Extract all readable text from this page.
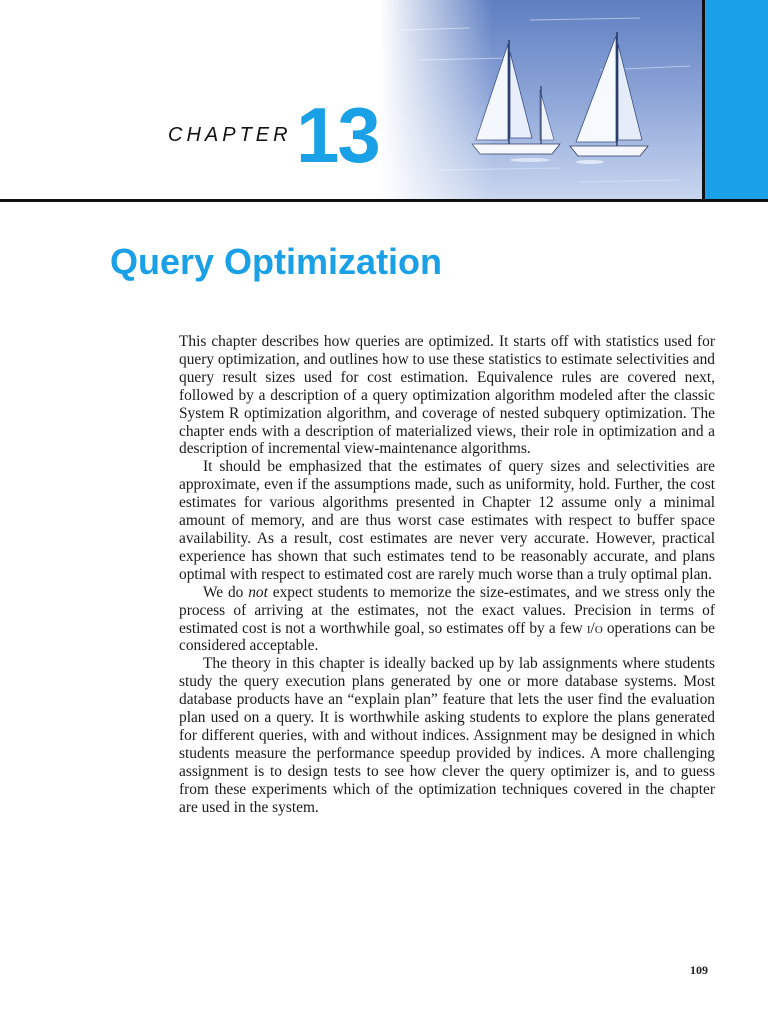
CHAPTER 13
Query Optimization

This chapter describes how queries are optimized. It starts off with statistics used for query optimization, and outlines how to use these statistics to estimate selectivities and query result sizes used for cost estimation. Equivalence rules are covered next, followed by a description of a query optimization algorithm modeled after the classic System R optimization algorithm, and coverage of nested subquery optimization. The chapter ends with a description of materialized views, their role in optimization and a description of incremental view-maintenance algorithms.

It should be emphasized that the estimates of query sizes and selectivities are approximate, even if the assumptions made, such as uniformity, hold. Further, the cost estimates for various algorithms presented in Chapter 12 assume only a minimal amount of memory, and are thus worst case estimates with respect to buffer space availability. As a result, cost estimates are never very accurate. However, practical experience has shown that such estimates tend to be reasonably accurate, and plans optimal with respect to estimated cost are rarely much worse than a truly optimal plan.

We do not expect students to memorize the size-estimates, and we stress only the process of arriving at the estimates, not the exact values. Precision in terms of estimated cost is not a worthwhile goal, so estimates off by a few i/o operations can be considered acceptable.

The theory in this chapter is ideally backed up by lab assignments where students study the query execution plans generated by one or more database systems. Most database products have an “explain plan” feature that lets the user find the evaluation plan used on a query. It is worthwhile asking students to explore the plans generated for different queries, with and without indices. Assignment may be designed in which students measure the performance speedup provided by indices. A more challenging assignment is to design tests to see how clever the query optimizer is, and to guess from these experiments which of the optimization techniques covered in the chapter are used in the system.

109
